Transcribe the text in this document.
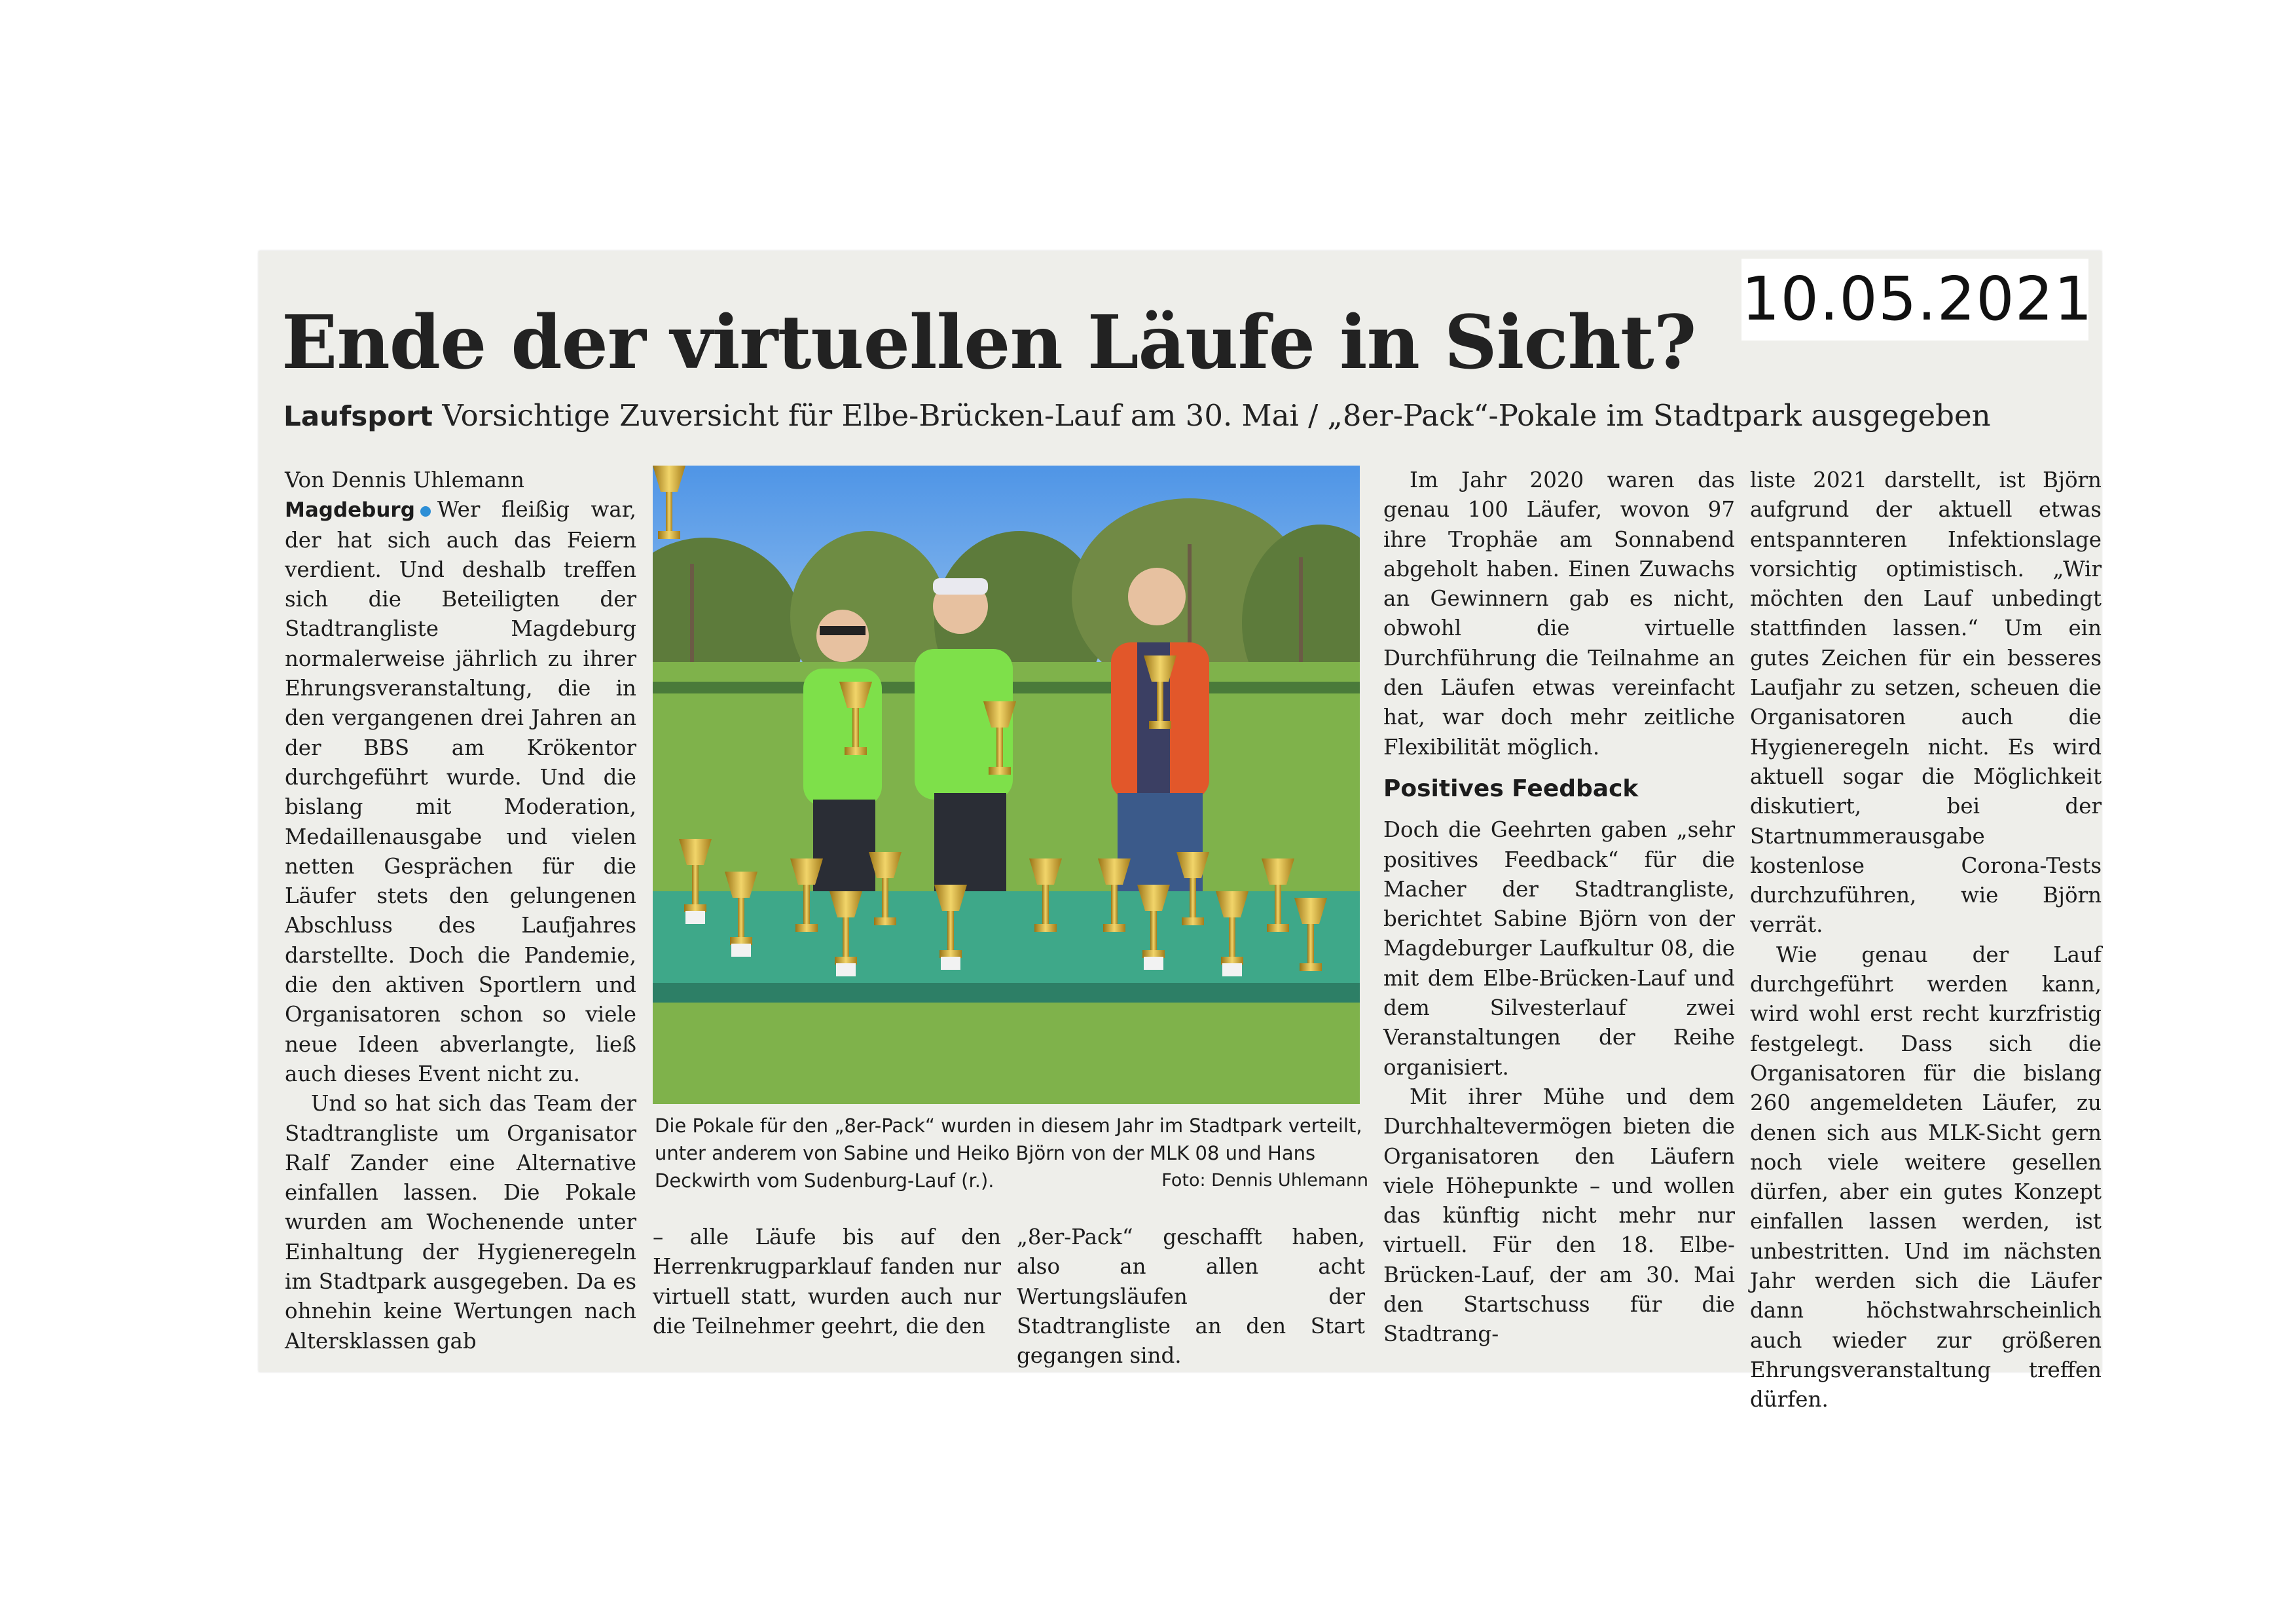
Ende der virtuellen Läufe in Sicht?
Laufsport Vorsichtige Zuversicht für Elbe-Brücken-Lauf am 30. Mai / „8er-Pack“-Pokale im Stadtpark ausgegeben

Von Dennis Uhlemann

Magdeburg Wer fleißig war, der hat sich auch das Feiern verdient. Und deshalb treffen sich die Beteiligten der Stadtrangliste Magdeburg normalerweise jährlich zu ihrer Ehrungsveranstaltung, die in den vergangenen drei Jahren an der BBS am Krökentor durchgeführt wurde. Und die bislang mit Moderation, Medaillenausgabe und vielen netten Gesprächen für die Läufer stets den gelungenen Abschluss des Laufjahres darstellte. Doch die Pandemie, die den aktiven Sportlern und Organisatoren schon so viele neue Ideen abverlangte, ließ auch dieses Event nicht zu.

Und so hat sich das Team der Stadtrangliste um Organisator Ralf Zander eine Alternative einfallen lassen. Die Pokale wurden am Wochenende unter Einhaltung der Hygieneregeln im Stadtpark ausgegeben. Da es ohnehin keine Wertungen nach Altersklassen gab

Die Pokale für den „8er-Pack“ wurden in diesem Jahr im Stadtpark verteilt, unter anderem von Sabine und Heiko Björn von der MLK 08 und Hans Deckwirth vom Sudenburg-Lauf (r.).	Foto: Dennis Uhlemann

– alle Läufe bis auf den Herrenkrugparklauf fanden nur virtuell statt, wurden auch nur die Teilnehmer geehrt, die den

„8er-Pack“ geschafft haben, also an allen acht Wertungsläufen der Stadtrangliste an den Start gegangen sind.

Im Jahr 2020 waren das genau 100 Läufer, wovon 97 ihre Trophäe am Sonnabend abgeholt haben. Einen Zuwachs an Gewinnern gab es nicht, obwohl die virtuelle Durchführung die Teilnahme an den Läufen etwas vereinfacht hat, war doch mehr zeitliche Flexibilität möglich.

Positives Feedback

Doch die Geehrten gaben „sehr positives Feedback“ für die Macher der Stadtrangliste, berichtet Sabine Björn von der Magdeburger Laufkultur 08, die mit dem Elbe-Brücken-Lauf und dem Silvesterlauf zwei Veranstaltungen der Reihe organisiert.

Mit ihrer Mühe und dem Durchhaltevermögen bieten die Organisatoren den Läufern viele Höhepunkte – und wollen das künftig nicht mehr nur virtuell. Für den 18. Elbe-Brücken-Lauf, der am 30. Mai den Startschuss für die Stadtrang-

liste 2021 darstellt, ist Björn aufgrund der aktuell etwas entspannteren Infektionslage vorsichtig optimistisch. „Wir möchten den Lauf unbedingt stattfinden lassen.“ Um ein gutes Zeichen für ein besseres Laufjahr zu setzen, scheuen die Organisatoren auch die Hygieneregeln nicht. Es wird aktuell sogar die Möglichkeit diskutiert, bei der Startnummerausgabe kostenlose Corona-Tests durchzuführen, wie Björn verrät.

Wie genau der Lauf durchgeführt werden kann, wird wohl erst recht kurzfristig festgelegt. Dass sich die Organisatoren für die bislang 260 angemeldeten Läufer, zu denen sich aus MLK-Sicht gern noch viele weitere gesellen dürfen, aber ein gutes Konzept einfallen lassen werden, ist unbestritten. Und im nächsten Jahr werden sich die Läufer dann höchstwahrscheinlich auch wieder zur größeren Ehrungsveranstaltung treffen dürfen.

10.05.2021
